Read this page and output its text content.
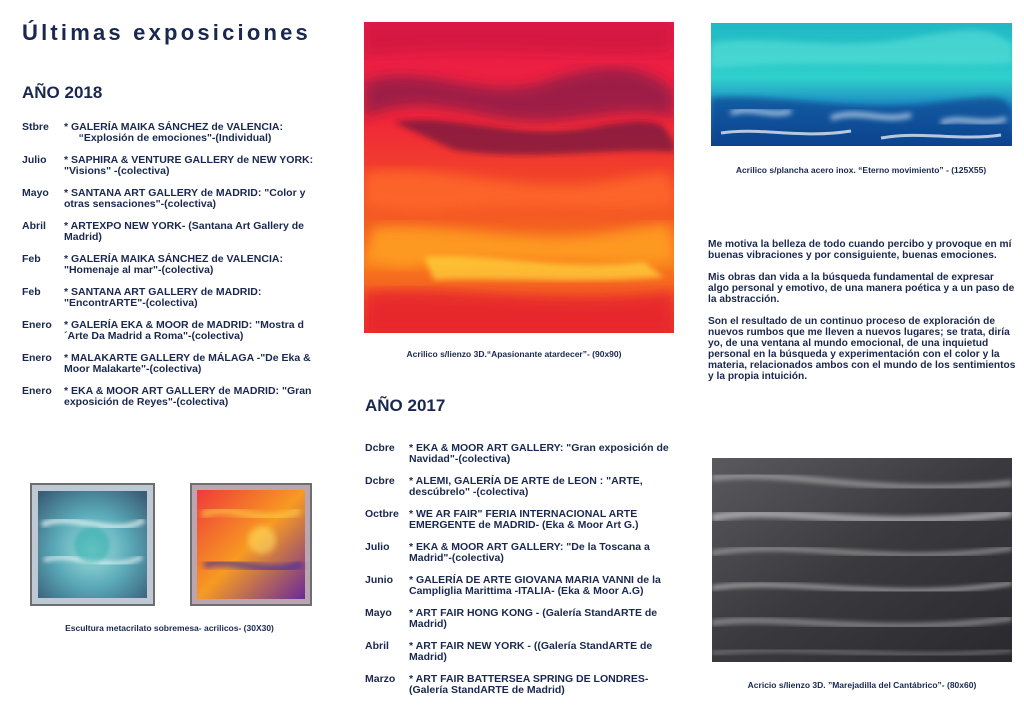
Últimas exposiciones
AÑO 2018
Stbre * GALERÍA MAIKA SÁNCHEZ de VALENCIA:      “Explosión de emociones"-(Individual)
Julio * SAPHIRA & VENTURE GALLERY de NEW YORK: "Visions" -(colectiva)
Mayo * SANTANA ART GALLERY de MADRID: "Color y otras sensaciones"-(colectiva)
Abril * ARTEXPO NEW YORK- (Santana Art Gallery de Madrid)
Feb * GALERÍA MAIKA SÁNCHEZ de VALENCIA: "Homenaje al mar"-(colectiva)
Feb * SANTANA ART GALLERY de MADRID: "EncontrARTE"-(colectiva)
Enero * GALERÍA EKA & MOOR de MADRID: "Mostra d´Arte Da Madrid a Roma"-(colectiva)
Enero * MALAKARTE GALLERY de MÁLAGA -"De Eka & Moor Malakarte"-(colectiva)
Enero * EKA & MOOR ART GALLERY de MADRID: "Gran exposición de Reyes"-(colectiva)
Acrilico s/lienzo 3D.“Apasionante atardecer”- (90x90)
AÑO 2017
Dcbre * EKA & MOOR ART GALLERY: "Gran exposición de Navidad"-(colectiva)
Dcbre * ALEMI, GALERÍA DE ARTE de LEON : "ARTE, descúbrelo" -(colectiva)
Octbre * WE AR FAIR" FERIA INTERNACIONAL ARTE EMERGENTE de MADRID- (Eka & Moor Art G.)
Julio * EKA & MOOR ART GALLERY: "De la Toscana a Madrid"-(colectiva)
Junio * GALERÍA DE ARTE GIOVANA MARIA VANNI de la Campliglia Marittima -ITALIA- (Eka & Moor A.G)
Mayo * ART FAIR HONG KONG - (Galería StandARTE de Madrid)
Abril * ART FAIR NEW YORK - ((Galería StandARTE de Madrid)
Marzo * ART FAIR BATTERSEA SPRING DE LONDRES- (Galería StandARTE de Madrid)
Acrilico s/plancha acero inox. “Eterno movimiento” - (125X55)

Me motiva la belleza de todo cuando percibo y provoque en mí buenas vibraciones y por consiguiente, buenas emociones.

Mis obras dan vida a la búsqueda fundamental de expresar algo personal y emotivo, de una manera poética y a un paso de la abstracción.

Son el resultado de un continuo proceso de exploración de nuevos rumbos que me lleven a nuevos lugares; se trata, diría yo, de una ventana al mundo emocional, de una inquietud personal en la búsqueda y experimentación con el color y la materia, relacionados ambos con el mundo de los sentimientos y la propia intuición.

Acricio s/lienzo 3D. ”Marejadilla del Cantábrico”- (80x60)
Escultura metacrilato sobremesa- acrilicos- (30X30)
